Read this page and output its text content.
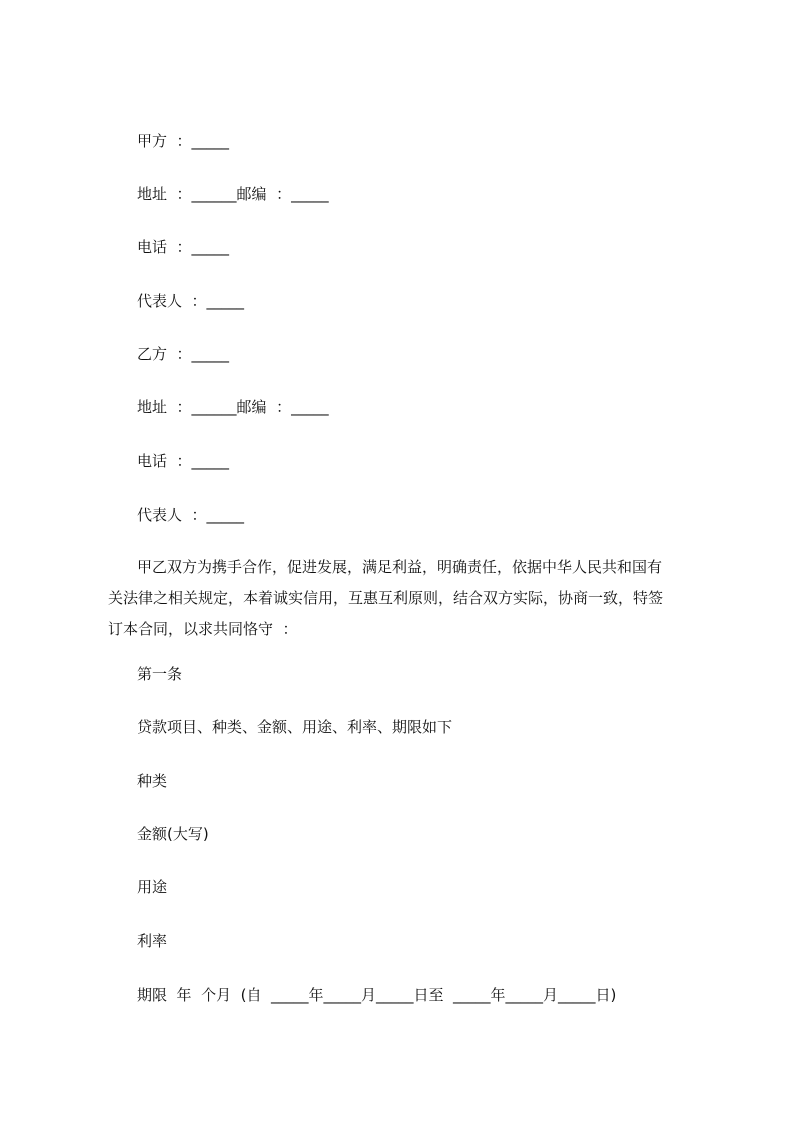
甲方  ：_____
地址  ：______邮编  ：_____
电话  ：_____
代表人  ：_____
乙方  ：_____
地址  ：______邮编  ：_____
电话  ：_____
代表人  ：_____
甲乙双方为携手合作，促进发展，满足利益，明确责任，依据中华人民共和国有
关法律之相关规定，本着诚实信用，互惠互利原则，结合双方实际，协商一致，特签
订本合同，以求共同恪守  ：
第一条
贷款项目、种类、金额、用途、利率、期限如下
种类
金额(大写)
用途
利率
期限  年  个月  (自  _____年_____月_____日至  _____年_____月_____日)
